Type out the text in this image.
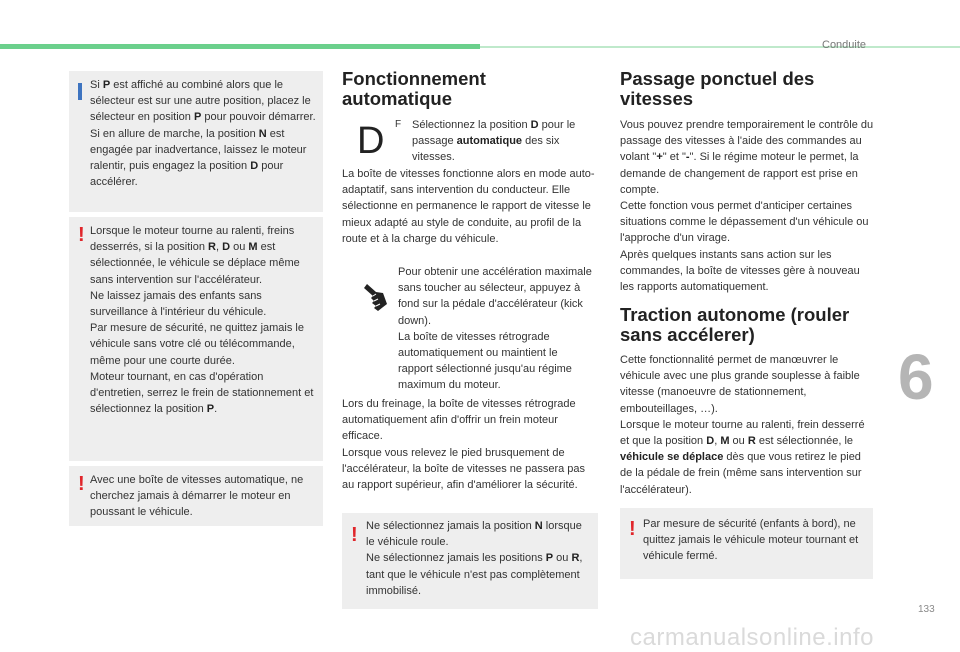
Conduite
6
133
carmanualsonline.info
Si P est affiché au combiné alors que le sélecteur est sur une autre position, placez le sélecteur en position P pour pouvoir démarrer.
Si en allure de marche, la position N est engagée par inadvertance, laissez le moteur ralentir, puis engagez la position D pour accélérer.
! Lorsque le moteur tourne au ralenti, freins desserrés, si la position R, D ou M est sélectionnée, le véhicule se déplace même sans intervention sur l'accélérateur.
Ne laissez jamais des enfants sans surveillance à l'intérieur du véhicule.
Par mesure de sécurité, ne quittez jamais le véhicule sans votre clé ou télécommande, même pour une courte durée.
Moteur tournant, en cas d'opération d'entretien, serrez le frein de stationnement et sélectionnez la position P.
! Avec une boîte de vitesses automatique, ne cherchez jamais à démarrer le moteur en poussant le véhicule.
Fonctionnement
automatique
D F Sélectionnez la position D pour le passage automatique des six vitesses.
La boîte de vitesses fonctionne alors en mode auto-adaptatif, sans intervention du conducteur. Elle sélectionne en permanence le rapport de vitesse le mieux adapté au style de conduite, au profil de la route et à la charge du véhicule.
Pour obtenir une accélération maximale sans toucher au sélecteur, appuyez à fond sur la pédale d'accélérateur (kick down).
La boîte de vitesses rétrograde automatiquement ou maintient le rapport sélectionné jusqu'au régime maximum du moteur.
Lors du freinage, la boîte de vitesses rétrograde automatiquement afin d'offrir un frein moteur efficace.
Lorsque vous relevez le pied brusquement de l'accélérateur, la boîte de vitesses ne passera pas au rapport supérieur, afin d'améliorer la sécurité.
! Ne sélectionnez jamais la position N lorsque le véhicule roule.
Ne sélectionnez jamais les positions P ou R, tant que le véhicule n'est pas complètement immobilisé.
Passage ponctuel des
vitesses
Vous pouvez prendre temporairement le contrôle du passage des vitesses à l'aide des commandes au volant "+" et "-". Si le régime moteur le permet, la demande de changement de rapport est prise en compte.
Cette fonction vous permet d'anticiper certaines situations comme le dépassement d'un véhicule ou l'approche d'un virage.
Après quelques instants sans action sur les commandes, la boîte de vitesses gère à nouveau les rapports automatiquement.
Traction autonome (rouler
sans accélerer)
Cette fonctionnalité permet de manœuvrer le véhicule avec une plus grande souplesse à faible vitesse (manoeuvre de stationnement, embouteillages, …).
Lorsque le moteur tourne au ralenti, frein desserré et que la position D, M ou R est sélectionnée, le véhicule se déplace dès que vous retirez le pied de la pédale de frein (même sans intervention sur l'accélérateur).
! Par mesure de sécurité (enfants à bord), ne quittez jamais le véhicule moteur tournant et véhicule fermé.
